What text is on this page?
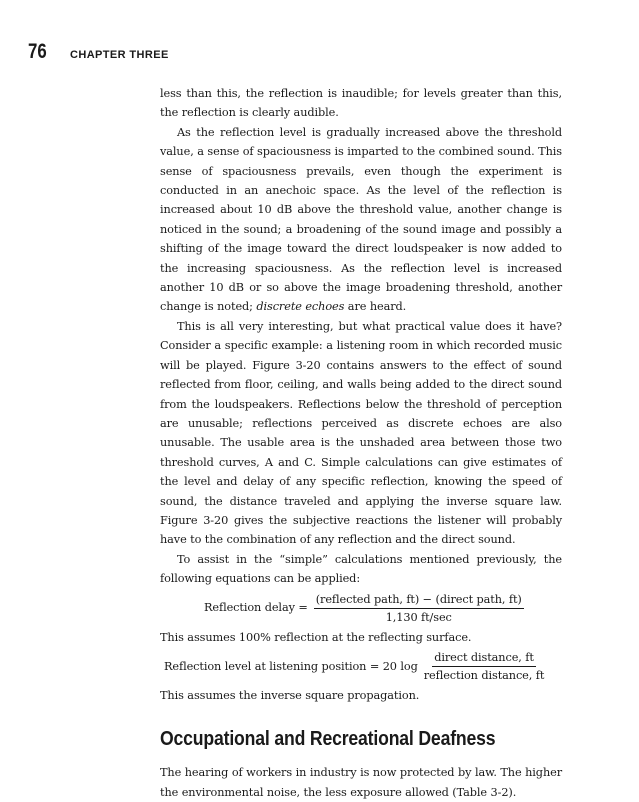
76	CHAPTER THREE

less than this, the reflection is inaudible; for levels greater than this, the reflection is clearly audible.

As the reflection level is gradually increased above the threshold value, a sense of spaciousness is imparted to the combined sound. This sense of spaciousness prevails, even though the experiment is conducted in an anechoic space. As the level of the reflection is increased about 10 dB above the threshold value, another change is noticed in the sound; a broadening of the sound image and possibly a shifting of the image toward the direct loudspeaker is now added to the increasing spaciousness. As the reflection level is increased another 10 dB or so above the image broadening threshold, another change is noted; discrete echoes are heard.

This is all very interesting, but what practical value does it have? Consider a specific example: a listening room in which recorded music will be played. Figure 3-20 contains answers to the effect of sound reflected from floor, ceiling, and walls being added to the direct sound from the loudspeakers. Reflections below the threshold of perception are unusable; reflections perceived as discrete echoes are also unusable. The usable area is the unshaded area between those two threshold curves, A and C. Simple calculations can give estimates of the level and delay of any specific reflection, knowing the speed of sound, the distance traveled and applying the inverse square law. Figure 3-20 gives the subjective reactions the listener will probably have to the combination of any reflection and the direct sound.

To assist in the “simple” calculations mentioned previously, the following equations can be applied:

Reflection delay = $\frac{\text{(reflected path, ft) − (direct path, ft)}}{1,130 ft/\sec}$

This assumes 100% reflection at the reflecting surface.

Reflection level at listening position = 20 $\log \frac{\text{direct distance, ft}}{\text{reflection distance, ft}}$

This assumes the inverse square propagation.

Occupational and Recreational Deafness

The hearing of workers in industry is now protected by law. The higher the environmental noise, the less exposure allowed (Table 3-2).
